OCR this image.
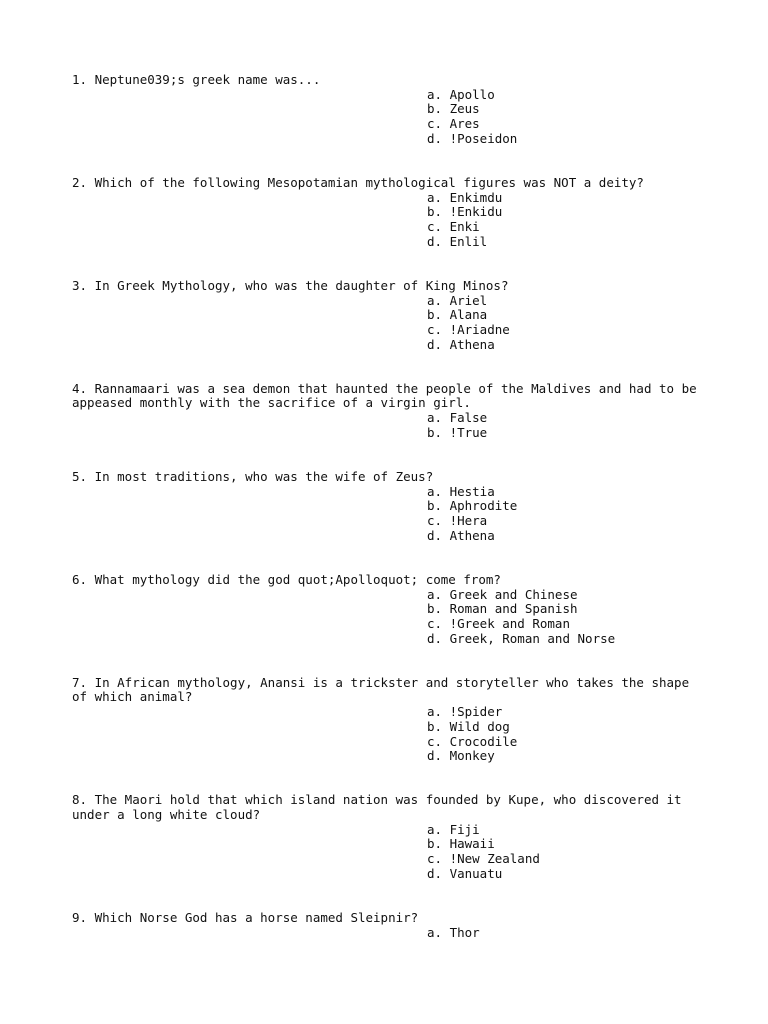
1. Neptune039;s greek name was...

a. Apollo
b. Zeus
c. Ares
d. !Poseidon

2. Which of the following Mesopotamian mythological figures was NOT a deity?

a. Enkimdu
b. !Enkidu
c. Enki
d. Enlil

3. In Greek Mythology, who was the daughter of King Minos?

a. Ariel
b. Alana
c. !Ariadne
d. Athena

4. Rannamaari was a sea demon that haunted the people of the Maldives and had to be appeased monthly with the sacrifice of a virgin girl.

a. False
b. !True

5. In most traditions, who was the wife of Zeus?

a. Hestia
b. Aphrodite
c. !Hera
d. Athena

6. What mythology did the god quot;Apolloquot; come from?

a. Greek and Chinese
b. Roman and Spanish
c. !Greek and Roman
d. Greek, Roman and Norse

7. In African mythology, Anansi is a trickster and storyteller who takes the shape of which animal?

a. !Spider
b. Wild dog
c. Crocodile
d. Monkey

8. The Maori hold that which island nation was founded by Kupe, who discovered it under a long white cloud?

a. Fiji
b. Hawaii
c. !New Zealand
d. Vanuatu

9. Which Norse God has a horse named Sleipnir?

a. Thor
